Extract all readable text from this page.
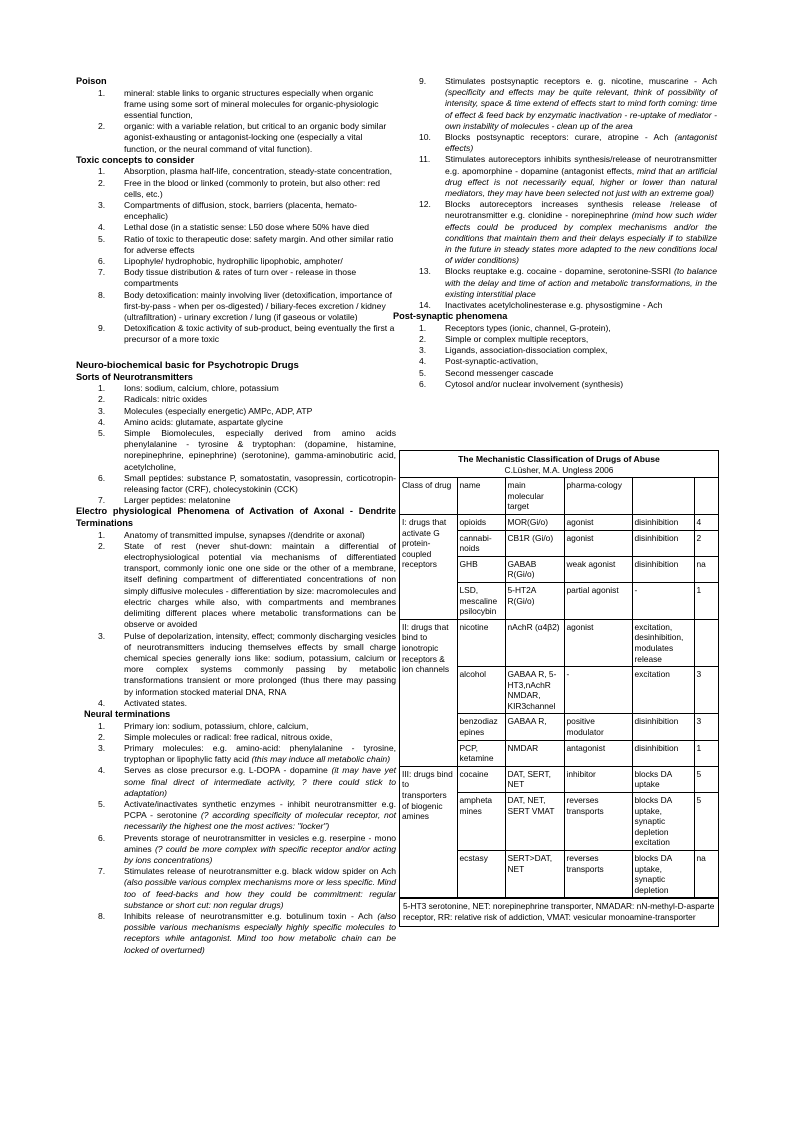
Poison
1. mineral: stable links to organic structures especially when organic frame using some sort of mineral molecules for organic-physiologic essential function,
2. organic: with a variable relation, but critical to an organic body similar agonist-exhausting or antagonist-locking one (especially a vital function, or the neural command of vital function).
Toxic concepts to consider
1. Absorption, plasma half-life, concentration, steady-state concentration,
2. Free in the blood or linked (commonly to protein, but also other: red cells, etc.)
3. Compartments of diffusion, stock, barriers (placenta, hemato-encephalic)
4. Lethal dose (in a statistic sense: L50 dose where 50% have died
5. Ratio of toxic to therapeutic dose: safety margin. And other similar ratio for adverse effects
6. Lipophyle/ hydrophobic, hydrophilic lipophobic, amphoter/
7. Body tissue distribution & rates of turn over - release in those compartments
8. Body detoxification: mainly involving liver (detoxification, importance of first-by-pass - when per os-digested) / biliary-feces excretion / kidney (ultrafiltration) - urinary excretion / lung (if gaseous or volatile)
9. Detoxification & toxic activity of sub-product, being eventually the first a precursor of a more toxic
Neuro-biochemical basic for Psychotropic Drugs
Sorts of Neurotransmitters
1. Ions: sodium, calcium, chlore, potassium
2. Radicals: nitric oxides
3. Molecules (especially energetic) AMPc, ADP, ATP
4. Amino acids: glutamate, aspartate glycine
5. Simple Biomolecules, especially derived from amino acids phenylalanine - tyrosine & tryptophan: (dopamine, histamine, norepinephrine, epinephrine) (serotonine), gamma-aminobutiric acid, acetylcholine,
6. Small peptides: substance P, somatostatin, vasopressin, corticotropin-releasing factor (CRF), cholecystokinin (CCK)
7. Larger peptides: melatonine
Electro physiological Phenomena of Activation of Axonal - Dendrite Terminations
1. Anatomy of transmitted impulse, synapses /(dendrite or axonal)
2. State of rest (never shut-down: maintain a differential of electrophysiological potential via mechanisms of differentiated transport, commonly ionic one one side or the other of a membrane, itself defining compartment of differentiated concentrations of non simply diffusive molecules - differentiation by size: macromolecules and electric charges while also, with compartments and membranes delimiting different places where metabolic transformations can be observe or avoided
3. Pulse of depolarization, intensity, effect; commonly discharging vesicles of neurotransmitters inducing themselves effects by small charge chemical species generally ions like: sodium, potassium, calcium or more complex systems commonly passing by metabolic transformations transient or more prolonged (thus there may passing by information stocked material DNA, RNA
4. Activated states.
Neural terminations
1. Primary ion: sodium, potassium, chlore, calcium,
2. Simple molecules or radical: free radical, nitrous oxide,
3. Primary molecules: e.g. amino-acid: phenylalanine - tyrosine, tryptophan or lipophylic fatty acid (this may induce all metabolic chain)
4. Serves as close precursor e.g. L-DOPA - dopamine (it may have yet some final direct of intermediate activity, ? there could stick to adaptation)
5. Activate/inactivates synthetic enzymes - inhibit neurotransmitter e.g. PCPA - serotonine (? according specificity of molecular receptor, not necessarily the highest one the most actives: "locker")
6. Prevents storage of neurotransmitter in vesicles e.g. reserpine - mono amines (? could be more complex with specific receptor and/or acting by ions concentrations)
7. Stimulates release of neurotransmitter e.g. black widow spider on Ach (also possible various complex mechanisms more or less specific. Mind too of feed-backs and how they could be commitment: regular substance or short cut: non regular drugs)
8. Inhibits release of neurotransmitter e.g. botulinum toxin - Ach (also possible various mechanisms especially highly specific molecules to receptors while antagonist. Mind too how metabolic chain can be locked of overturned)
9. Stimulates postsynaptic receptors e. g. nicotine, muscarine - Ach (specificity and effects may be quite relevant, think of possibility of intensity, space & time extend of effects start to mind forth coming: time of effect & feed back by enzymatic inactivation - re-uptake of mediator - own instability of molecules - clean up of the area
10. Blocks postsynaptic receptors: curare, atropine - Ach (antagonist effects)
11. Stimulates autoreceptors inhibits synthesis/release of neurotransmitter e.g. apomorphine - dopamine (antagonist effects, mind that an artificial drug effect is not necessarily equal, higher or lower than natural mediators, they may have been selected not just with an extreme goal)
12. Blocks autoreceptors increases synthesis release /release of neurotransmitter e.g. clonidine - norepinephrine (mind how such wider effects could be produced by complex mechanisms and/or the conditions that maintain them and their delays especially if to stabilize in the future in steady states more adapted to the new conditions local of wider conditions)
13. Blocks reuptake e.g. cocaine - dopamine, serotonine-SSRI (to balance with the delay and time of action and metabolic transformations, in the existing interstitial place
14. Inactivates acetylcholinesterase e.g. physostigmine - Ach
Post-synaptic phenomena
1. Receptors types (ionic, channel, G-protein),
2. Simple or complex multiple receptors,
3. Ligands, association-dissociation complex,
4. Post-synaptic-activation,
5. Second messenger cascade
6. Cytosol and/or nuclear involvement (synthesis)
The Mechanistic Classification of Drugs of Abuse
C.Lüsher, M.A. Ungless 2006
Class of drug	name	main molecular target	pharma-cology		
I: drugs that activate G protein-coupled receptors	opioids	MOR(Gi/o)	agonist	disinhibition	4
	cannabi-noids	CB1R (Gi/o)	agonist	disinhibition	2
	GHB	GABAB R(Gi/o)	weak agonist	disinhibition	na
	LSD, mescaline psilocybin	5-HT2A R(Gi/o)	partial agonist	-	1
II: drugs that bind to ionotropic receptors & ion channels	nicotine	nAchR (α4β2)	agonist	excitation, desinhibition, modulates release	
	alcohol	GABAA R, 5-HT3,nAchR NMDAR, KIR3channel	-	excitation	3
	benzodiaz epines	GABAA R,	positive modulator	disinhibition	3
	PCP, ketamine	NMDAR	antagonist	disinhibition	1
III: drugs bind to transporters of biogenic amines	cocaine	DAT, SERT, NET	inhibitor	blocks DA uptake	5
	ampheta mines	DAT, NET, SERT VMAT	reverses transports	blocks DA uptake, synaptic depletion excitation	5
	ecstasy	SERT>DAT, NET	reverses transports	blocks DA uptake, synaptic depletion	na
5-HT3 serotonine, NET: norepinephrine transporter, NMADAR: nN-methyl-D-asparte receptor, RR: relative risk of addiction, VMAT: vesicular monoamine-transporter
